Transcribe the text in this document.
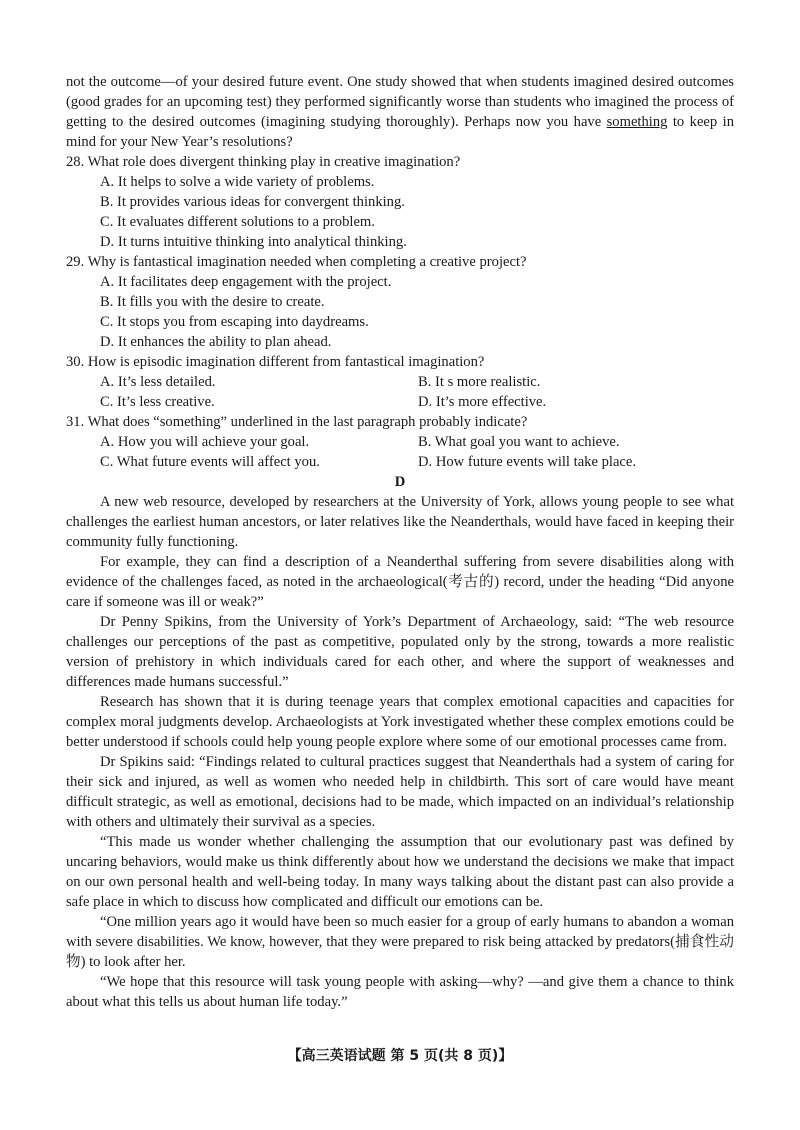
not the outcome—of your desired future event. One study showed that when students imagined desired outcomes (good grades for an upcoming test) they performed significantly worse than students who imagined the process of getting to the desired outcomes (imagining studying thoroughly). Perhaps now you have something to keep in mind for your New Year’s resolutions?

28. What role does divergent thinking play in creative imagination?

A. It helps to solve a wide variety of problems.

B. It provides various ideas for convergent thinking.

C. It evaluates different solutions to a problem.

D. It turns intuitive thinking into analytical thinking.

29. Why is fantastical imagination needed when completing a creative project?

A. It facilitates deep engagement with the project.

B. It fills you with the desire to create.

C. It stops you from escaping into daydreams.

D. It enhances the ability to plan ahead.

30. How is episodic imagination different from fantastical imagination?

A. It’s less detailed.	B. It s more realistic.

C. It’s less creative.	D. It’s more effective.

31. What does “something” underlined in the last paragraph probably indicate?

A. How you will achieve your goal.	B. What goal you want to achieve.

C. What future events will affect you.	D. How future events will take place.

D

A new web resource, developed by researchers at the University of York, allows young people to see what challenges the earliest human ancestors, or later relatives like the Neanderthals, would have faced in keeping their community fully functioning.

For example, they can find a description of a Neanderthal suffering from severe disabilities along with evidence of the challenges faced, as noted in the archaeological(考古的) record, under the heading “Did anyone care if someone was ill or weak?”

Dr Penny Spikins, from the University of York’s Department of Archaeology, said: “The web resource challenges our perceptions of the past as competitive, populated only by the strong, towards a more realistic version of prehistory in which individuals cared for each other, and where the support of weaknesses and differences made humans successful.”

Research has shown that it is during teenage years that complex emotional capacities and capacities for complex moral judgments develop. Archaeologists at York investigated whether these complex emotions could be better understood if schools could help young people explore where some of our emotional processes came from.

Dr Spikins said: “Findings related to cultural practices suggest that Neanderthals had a system of caring for their sick and injured, as well as women who needed help in childbirth. This sort of care would have meant difficult strategic, as well as emotional, decisions had to be made, which impacted on an individual’s relationship with others and ultimately their survival as a species.

“This made us wonder whether challenging the assumption that our evolutionary past was defined by uncaring behaviors, would make us think differently about how we understand the decisions we make that impact on our own personal health and well-being today. In many ways talking about the distant past can also provide a safe place in which to discuss how complicated and difficult our emotions can be.

“One million years ago it would have been so much easier for a group of early humans to abandon a woman with severe disabilities. We know, however, that they were prepared to risk being attacked by predators(捕食性动物) to look after her.

“We hope that this resource will task young people with asking—why? —and give them a chance to think about what this tells us about human life today.”

【高三英语试题 第 5 页(共 8 页)】
